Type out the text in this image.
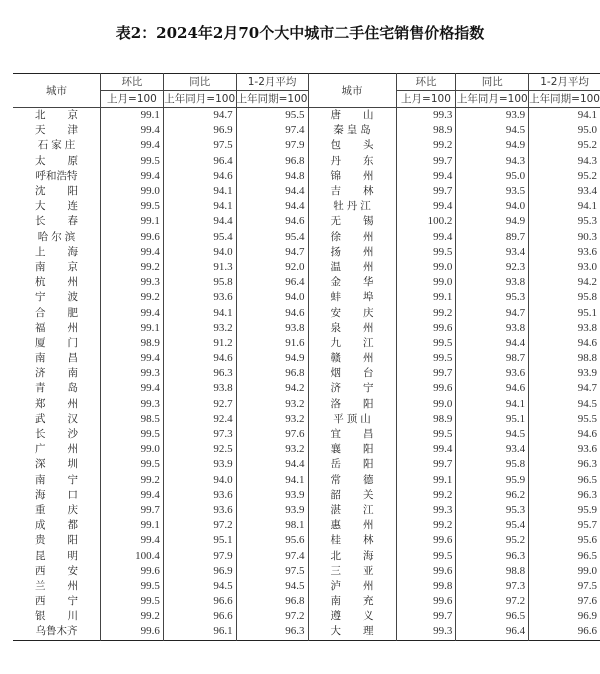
表2：2024年2月70个大中城市二手住宅销售价格指数
城市	环比	同比	1-2月平均	城市	环比	同比	1-2月平均
	上月=100	上年同月=100	上年同期=100		上月=100	上年同月=100	上年同期=100
北京	99.1	94.7	95.5	唐山	99.3	93.9	94.1
天津	99.4	96.9	97.4	秦皇岛	98.9	94.5	95.0
石家庄	99.4	97.5	97.9	包头	99.2	94.9	95.2
太原	99.5	96.4	96.8	丹东	99.7	94.3	94.3
呼和浩特	99.4	94.6	94.8	锦州	99.4	95.0	95.2
沈阳	99.0	94.1	94.4	吉林	99.7	93.5	93.4
大连	99.5	94.1	94.4	牡丹江	99.4	94.0	94.1
长春	99.1	94.4	94.6	无锡	100.2	94.9	95.3
哈尔滨	99.6	95.4	95.4	徐州	99.4	89.7	90.3
上海	99.4	94.0	94.7	扬州	99.5	93.4	93.6
南京	99.2	91.3	92.0	温州	99.0	92.3	93.0
杭州	99.3	95.8	96.4	金华	99.0	93.8	94.2
宁波	99.2	93.6	94.0	蚌埠	99.1	95.3	95.8
合肥	99.4	94.1	94.6	安庆	99.2	94.7	95.1
福州	99.1	93.2	93.8	泉州	99.6	93.8	93.8
厦门	98.9	91.2	91.6	九江	99.5	94.4	94.6
南昌	99.4	94.6	94.9	赣州	99.5	98.7	98.8
济南	99.3	96.3	96.8	烟台	99.7	93.6	93.9
青岛	99.4	93.8	94.2	济宁	99.6	94.6	94.7
郑州	99.3	92.7	93.2	洛阳	99.0	94.1	94.5
武汉	98.5	92.4	93.2	平顶山	98.9	95.1	95.5
长沙	99.5	97.3	97.6	宜昌	99.5	94.5	94.6
广州	99.0	92.5	93.2	襄阳	99.4	93.4	93.6
深圳	99.5	93.9	94.4	岳阳	99.7	95.8	96.3
南宁	99.2	94.0	94.1	常德	99.1	95.9	96.5
海口	99.4	93.6	93.9	韶关	99.2	96.2	96.3
重庆	99.7	93.6	93.9	湛江	99.3	95.3	95.9
成都	99.1	97.2	98.1	惠州	99.2	95.4	95.7
贵阳	99.4	95.1	95.6	桂林	99.6	95.2	95.6
昆明	100.4	97.9	97.4	北海	99.5	96.3	96.5
西安	99.6	96.9	97.5	三亚	99.6	98.8	99.0
兰州	99.5	94.5	94.5	泸州	99.8	97.3	97.5
西宁	99.5	96.6	96.8	南充	99.6	97.2	97.6
银川	99.2	96.6	97.2	遵义	99.7	96.5	96.9
乌鲁木齐	99.6	96.1	96.3	大理	99.3	96.4	96.6
